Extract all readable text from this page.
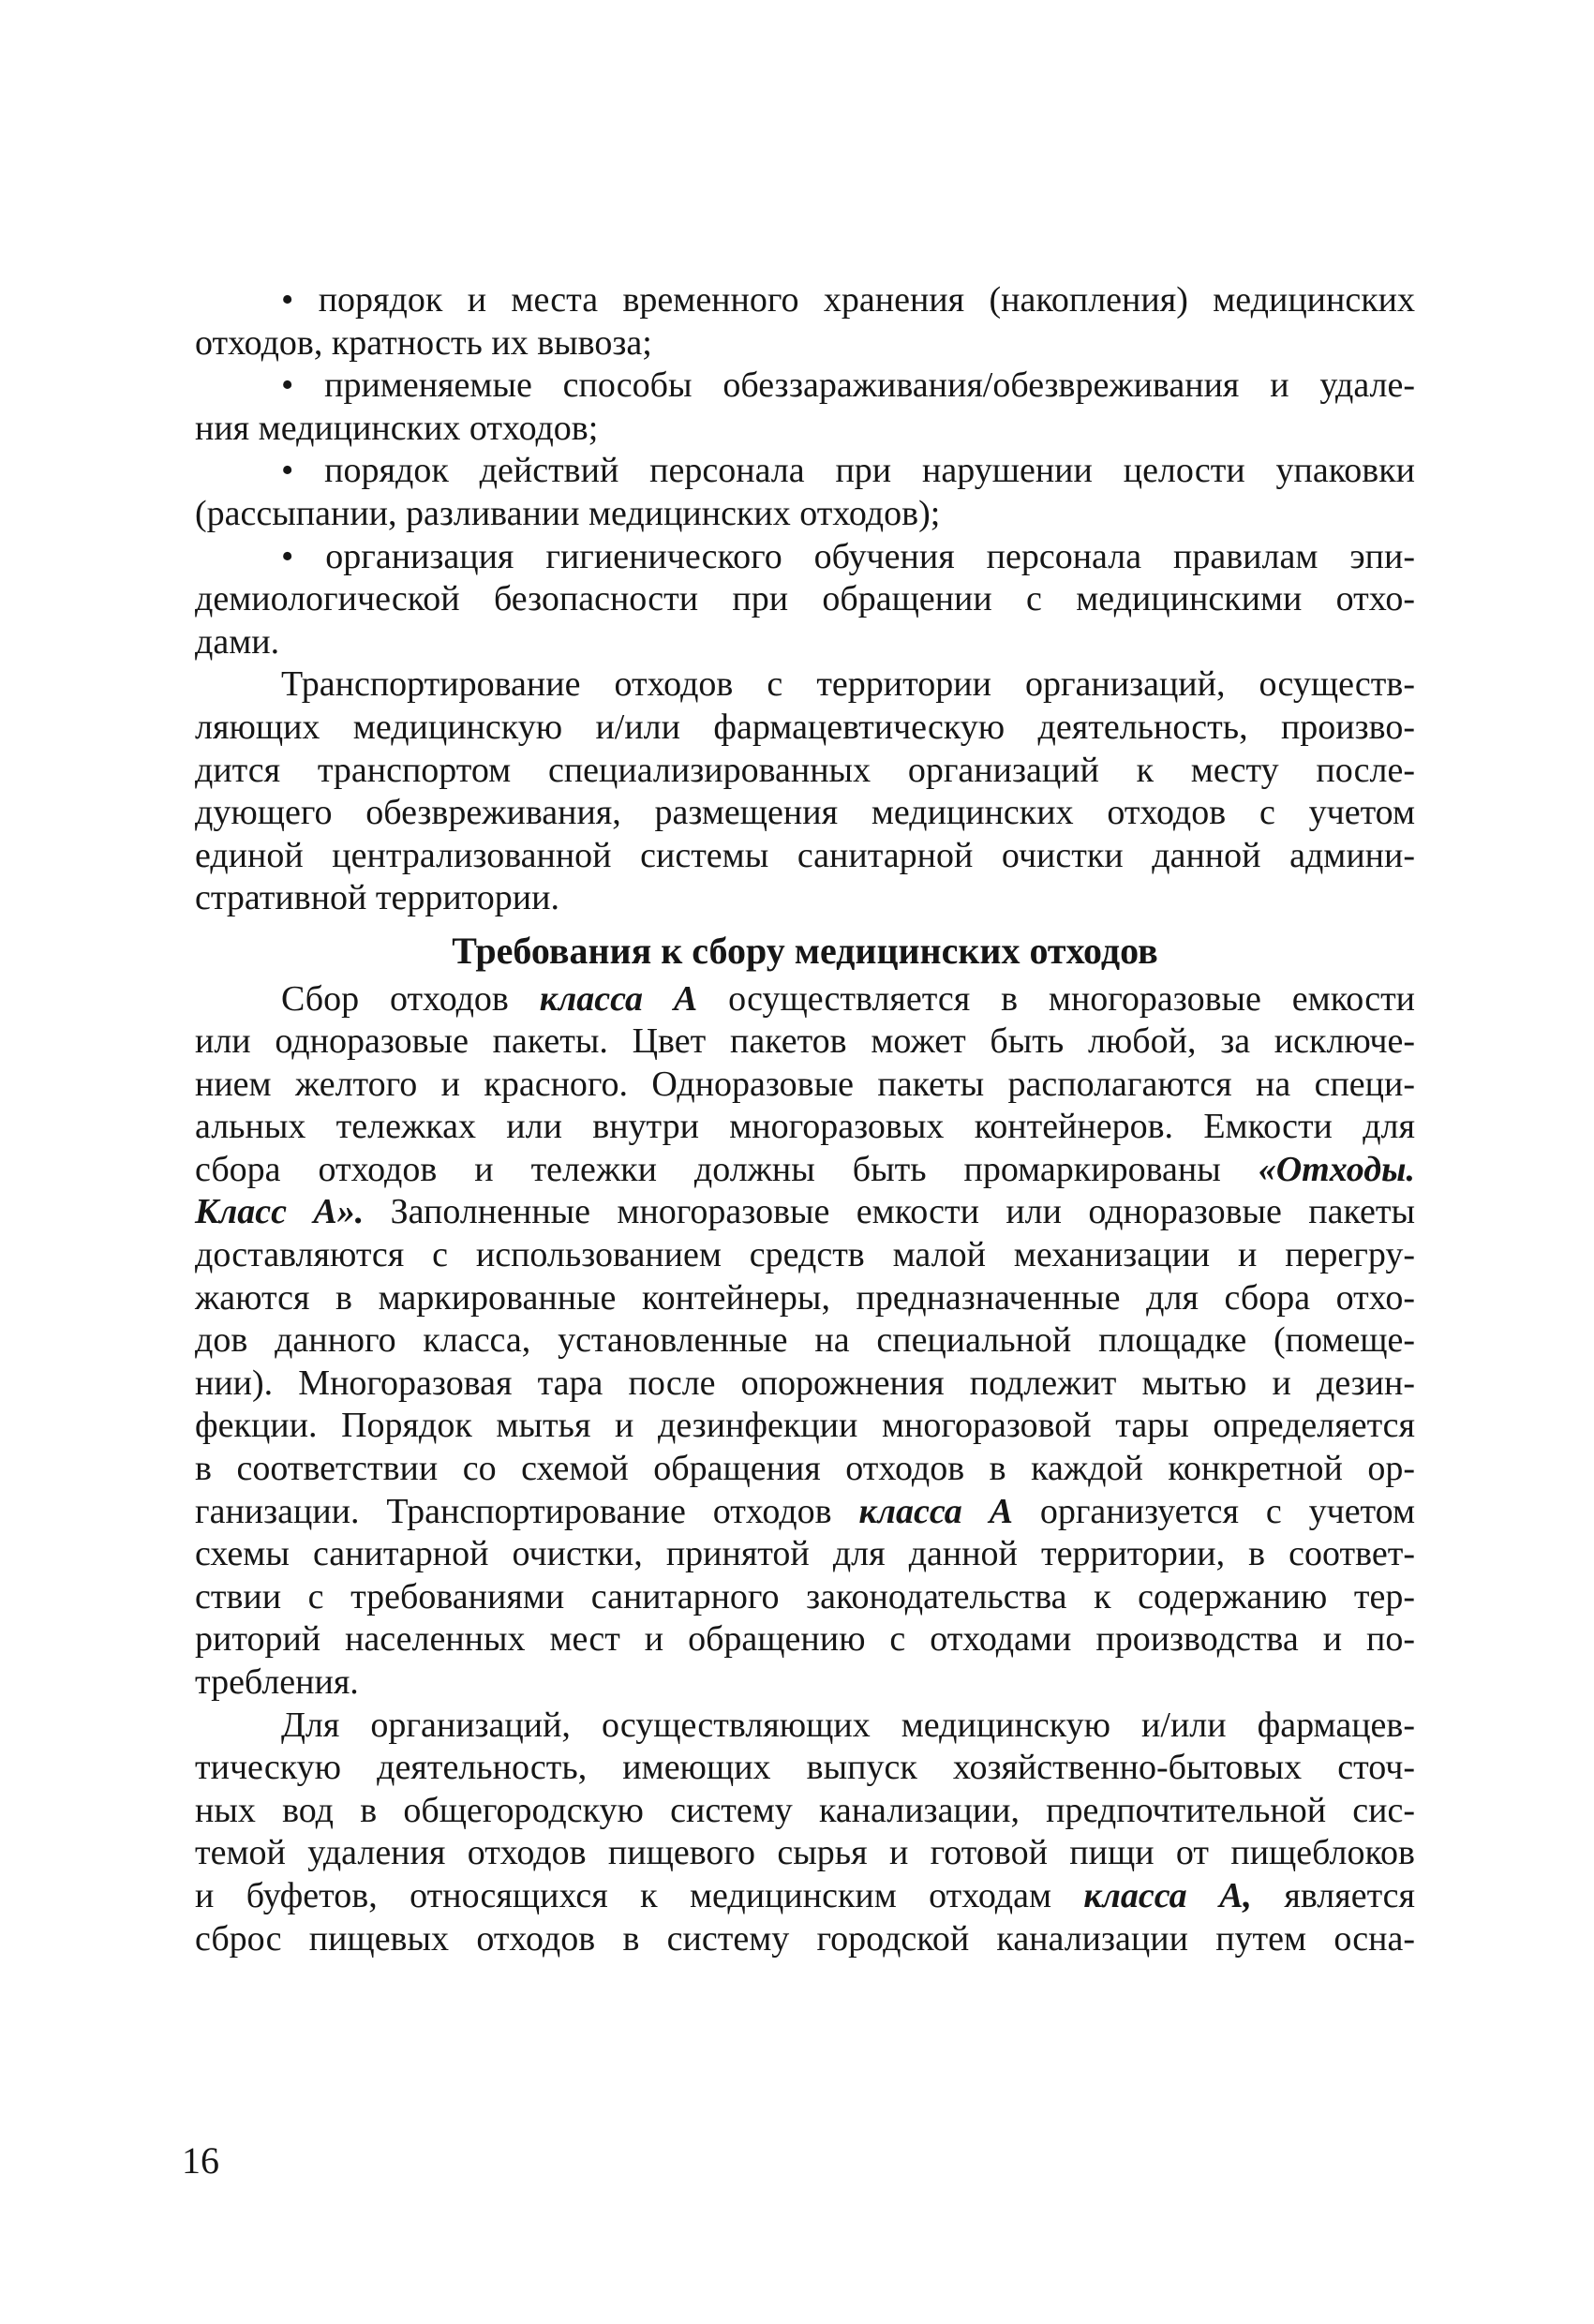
• порядок и места временного хранения (накопления) медицинских
отходов, кратность их вывоза;
• применяемые способы обеззараживания/обезвреживания и удале-
ния медицинских отходов;
• порядок действий персонала при нарушении целости упаковки
(рассыпании, разливании медицинских отходов);
• организация гигиенического обучения персонала правилам эпи-
демиологической безопасности при обращении с медицинскими отхо-
дами.
Транспортирование отходов с территории организаций, осуществ-
ляющих медицинскую и/или фармацевтическую деятельность, произво-
дится транспортом специализированных организаций к месту после-
дующего обезвреживания, размещения медицинских отходов с учетом
единой централизованной системы санитарной очистки данной админи-
стративной территории.
Требования к сбору медицинских отходов
Сбор отходов класса А осуществляется в многоразовые емкости
или одноразовые пакеты. Цвет пакетов может быть любой, за исключе-
нием желтого и красного. Одноразовые пакеты располагаются на специ-
альных тележках или внутри многоразовых контейнеров. Емкости для
сбора отходов и тележки должны быть промаркированы «Отходы.
Класс А». Заполненные многоразовые емкости или одноразовые пакеты
доставляются с использованием средств малой механизации и перегру-
жаются в маркированные контейнеры, предназначенные для сбора отхо-
дов данного класса, установленные на специальной площадке (помеще-
нии). Многоразовая тара после опорожнения подлежит мытью и дезин-
фекции. Порядок мытья и дезинфекции многоразовой тары определяется
в соответствии со схемой обращения отходов в каждой конкретной ор-
ганизации. Транспортирование отходов класса А организуется с учетом
схемы санитарной очистки, принятой для данной территории, в соответ-
ствии с требованиями санитарного законодательства к содержанию тер-
риторий населенных мест и обращению с отходами производства и по-
требления.
Для организаций, осуществляющих медицинскую и/или фармацев-
тическую деятельность, имеющих выпуск хозяйственно-бытовых сточ-
ных вод в общегородскую систему канализации, предпочтительной сис-
темой удаления отходов пищевого сырья и готовой пищи от пищеблоков
и буфетов, относящихся к медицинским отходам класса А, является
сброс пищевых отходов в систему городской канализации путем осна-
16
